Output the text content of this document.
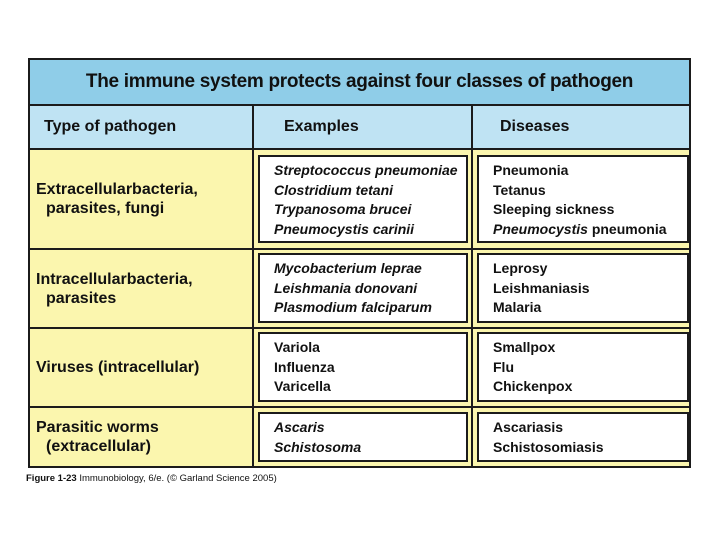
The immune system protects against four classes of pathogen
Type of pathogen	Examples	Diseases
Extracellularbacteria,
parasites, fungi
Streptococcus pneumoniae
Clostridium tetani
Trypanosoma brucei
Pneumocystis carinii
Pneumonia
Tetanus
Sleeping sickness
Pneumocystis pneumonia
Intracellularbacteria,
parasites
Mycobacterium leprae
Leishmania donovani
Plasmodium falciparum
Leprosy
Leishmaniasis
Malaria
Viruses (intracellular)
Variola
Influenza
Varicella
Smallpox
Flu
Chickenpox
Parasitic worms
(extracellular)
Ascaris
Schistosoma
Ascariasis
Schistosomiasis
Figure 1-23 Immunobiology, 6/e. (© Garland Science 2005)
